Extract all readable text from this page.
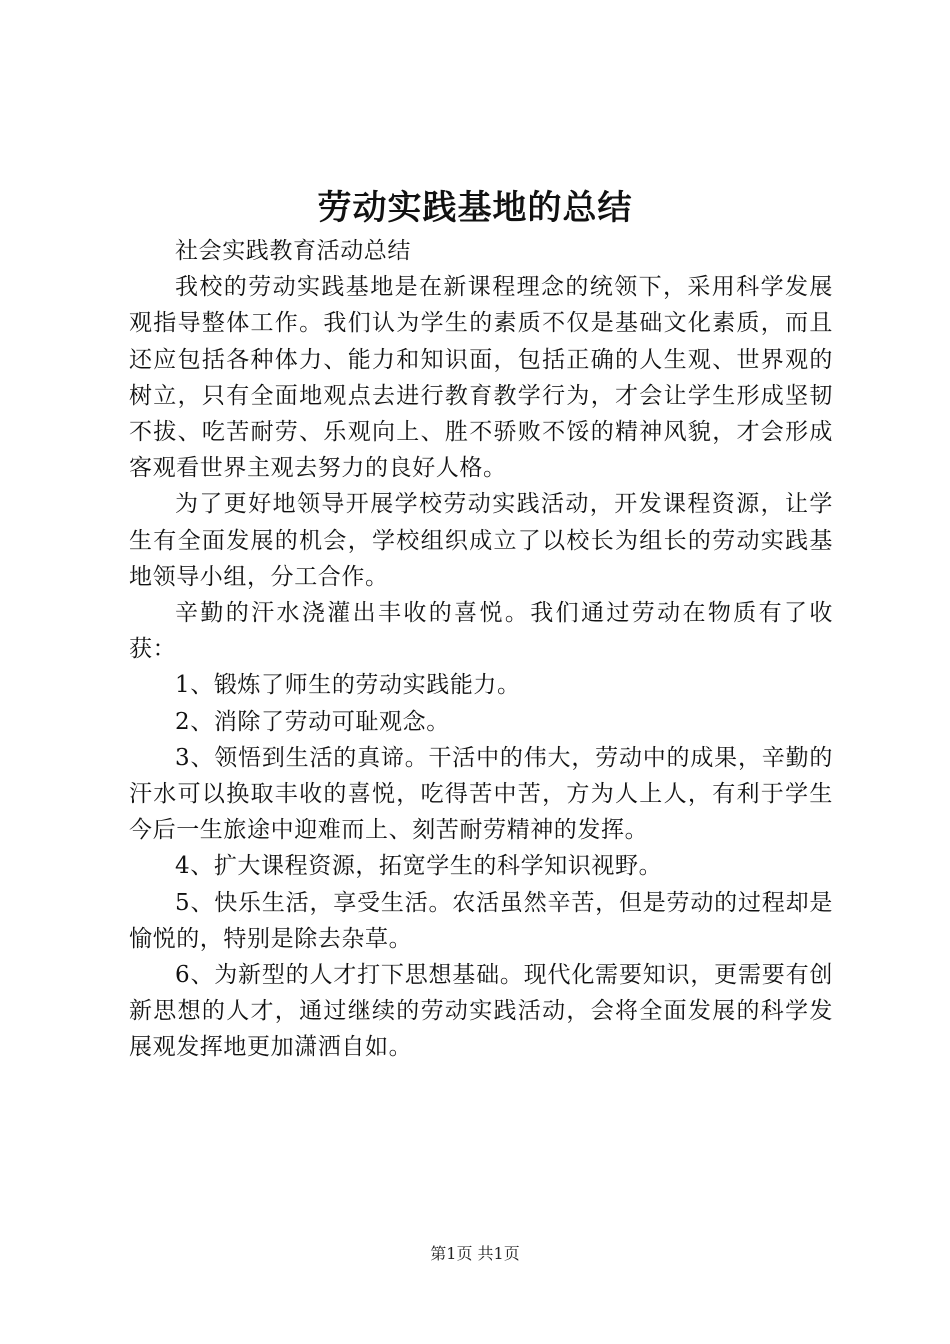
劳动实践基地的总结

社会实践教育活动总结

我校的劳动实践基地是在新课程理念的统领下，采用科学发展观指导整体工作。我们认为学生的素质不仅是基础文化素质，而且还应包括各种体力、能力和知识面，包括正确的人生观、世界观的树立，只有全面地观点去进行教育教学行为，才会让学生形成坚韧不拔、吃苦耐劳、乐观向上、胜不骄败不馁的精神风貌，才会形成客观看世界主观去努力的良好人格。

为了更好地领导开展学校劳动实践活动，开发课程资源，让学生有全面发展的机会，学校组织成立了以校长为组长的劳动实践基地领导小组，分工合作。

辛勤的汗水浇灌出丰收的喜悦。我们通过劳动在物质有了收获：

1、锻炼了师生的劳动实践能力。

2、消除了劳动可耻观念。

3、领悟到生活的真谛。干活中的伟大，劳动中的成果，辛勤的汗水可以换取丰收的喜悦，吃得苦中苦，方为人上人，有利于学生今后一生旅途中迎难而上、刻苦耐劳精神的发挥。

4、扩大课程资源，拓宽学生的科学知识视野。

5、快乐生活，享受生活。农活虽然辛苦，但是劳动的过程却是愉悦的，特别是除去杂草。

6、为新型的人才打下思想基础。现代化需要知识，更需要有创新思想的人才，通过继续的劳动实践活动，会将全面发展的科学发展观发挥地更加潇洒自如。

第1页 共1页
